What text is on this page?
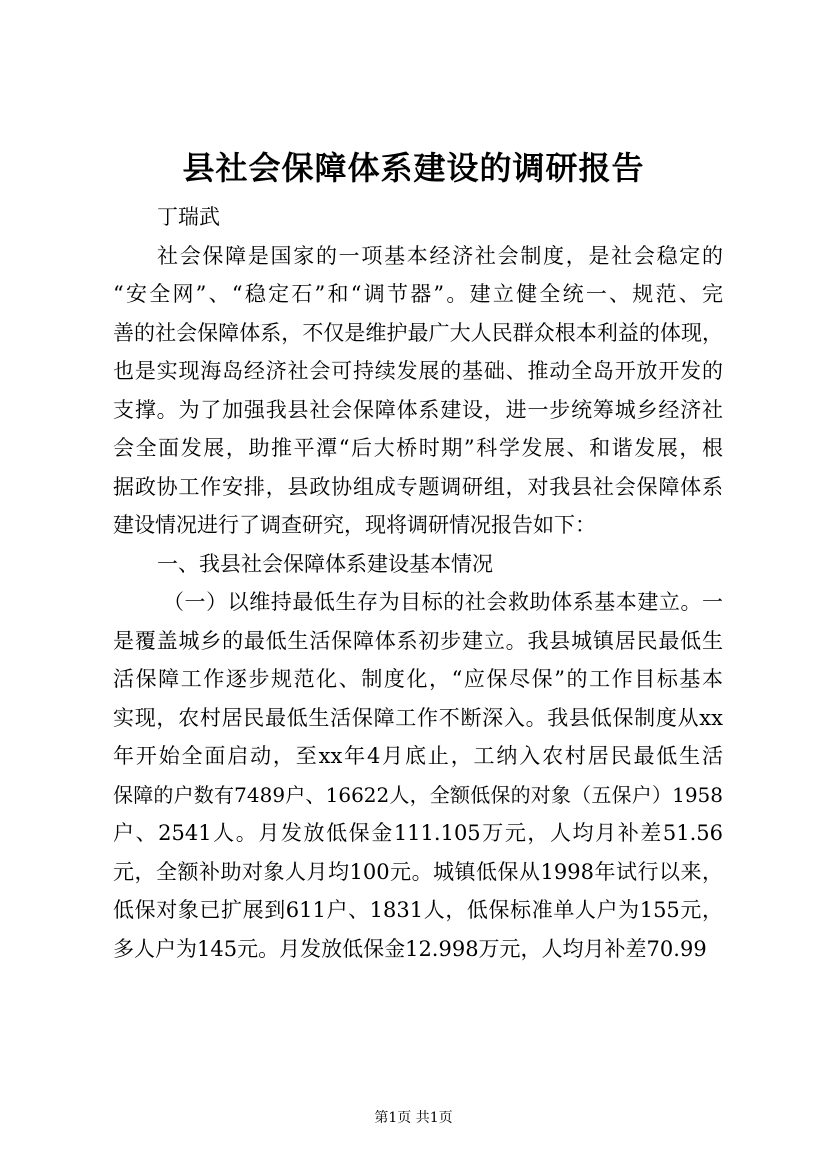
县社会保障体系建设的调研报告
丁瑞武
社会保障是国家的一项基本经济社会制度，是社会稳定的
“安全网”、“稳定石”和“调节器”。建立健全统一、规范、完
善的社会保障体系，不仅是维护最广大人民群众根本利益的体现，
也是实现海岛经济社会可持续发展的基础、推动全岛开放开发的
支撑。为了加强我县社会保障体系建设，进一步统筹城乡经济社
会全面发展，助推平潭“后大桥时期”科学发展、和谐发展，根
据政协工作安排，县政协组成专题调研组，对我县社会保障体系
建设情况进行了调查研究，现将调研情况报告如下：
一、我县社会保障体系建设基本情况
（一）以维持最低生存为目标的社会救助体系基本建立。一
是覆盖城乡的最低生活保障体系初步建立。我县城镇居民最低生
活保障工作逐步规范化、制度化，“应保尽保”的工作目标基本
实现，农村居民最低生活保障工作不断深入。我县低保制度从xx
年开始全面启动，至xx年4月底止，工纳入农村居民最低生活
保障的户数有7489户、16622人，全额低保的对象（五保户）1958
户、2541人。月发放低保金111.105万元，人均月补差51.56
元，全额补助对象人月均100元。城镇低保从1998年试行以来，
低保对象已扩展到611户、1831人，低保标准单人户为155元，
多人户为145元。月发放低保金12.998万元，人均月补差70.99
第1页 共1页
